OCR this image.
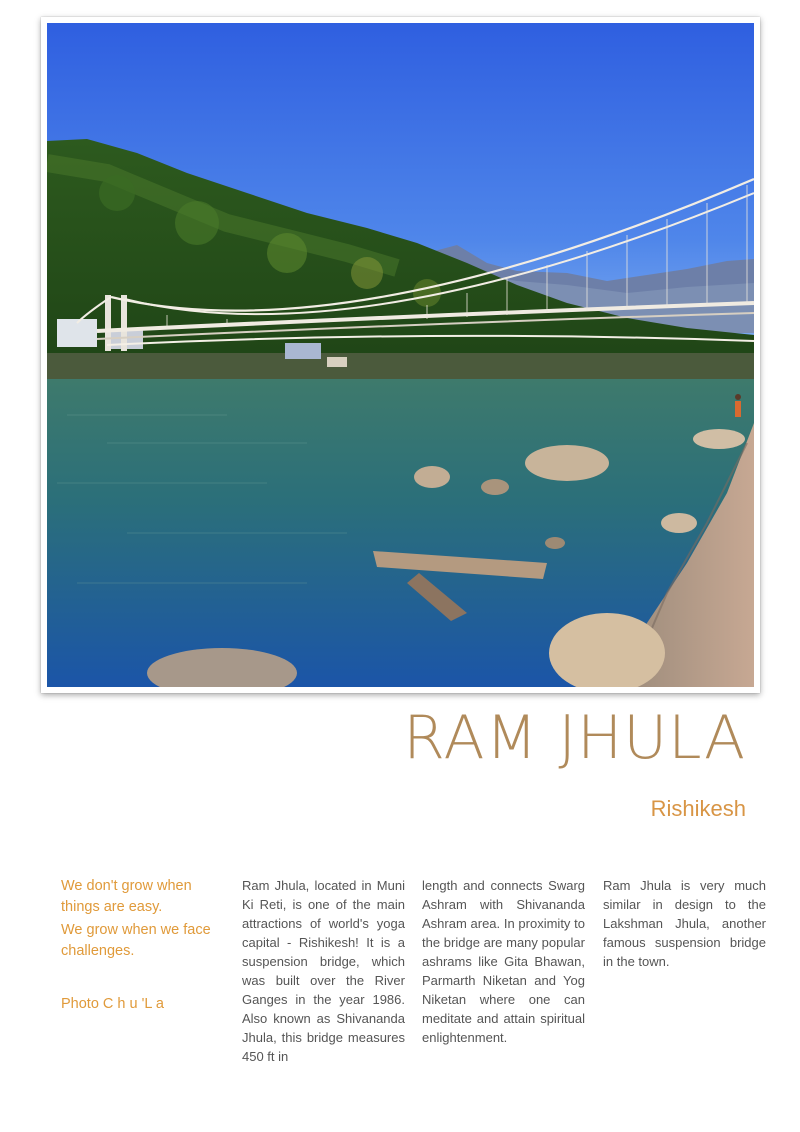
RAM JHULA
Rishikesh

We don't grow when things are easy.

We grow when we face challenges.

Photo C h u 'L a
Ram Jhula, located in Muni Ki Reti, is one of the main attractions of world's yoga capital - Rishikesh! It is a suspension bridge, which was built over the River Ganges in the year 1986. Also known as Shivananda Jhula, this bridge measures 450 ft in
length and connects Swarg Ashram with Shivananda Ashram area. In proximity to the bridge are many popular ashrams like Gita Bhawan, Parmarth Niketan and Yog Niketan where one can meditate and attain spiritual enlightenment.
Ram Jhula is very much similar in design to the Lakshman Jhula, another famous suspension bridge in the town.
